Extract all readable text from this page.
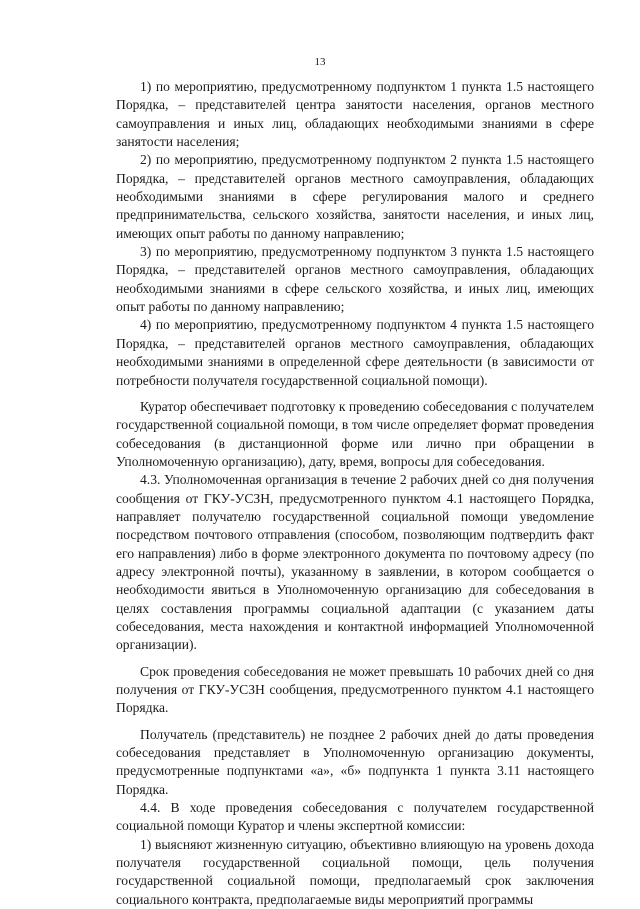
13

1) по мероприятию, предусмотренному подпунктом 1 пункта 1.5 настоящего Порядка, – представителей центра занятости населения, органов местного самоуправления и иных лиц, обладающих необходимыми знаниями в сфере занятости населения;

2) по мероприятию, предусмотренному подпунктом 2 пункта 1.5 настоящего Порядка, – представителей органов местного самоуправления, обладающих необходимыми знаниями в сфере регулирования малого и среднего предпринимательства, сельского хозяйства, занятости населения, и иных лиц, имеющих опыт работы по данному направлению;

3) по мероприятию, предусмотренному подпунктом 3 пункта 1.5 настоящего Порядка, – представителей органов местного самоуправления, обладающих необходимыми знаниями в сфере сельского хозяйства, и иных лиц, имеющих опыт работы по данному направлению;

4) по мероприятию, предусмотренному подпунктом 4 пункта 1.5 настоящего Порядка, – представителей органов местного самоуправления, обладающих необходимыми знаниями в определенной сфере деятельности (в зависимости от потребности получателя государственной социальной помощи).

Куратор обеспечивает подготовку к проведению собеседования с получателем государственной социальной помощи, в том числе определяет формат проведения собеседования (в дистанционной форме или лично при обращении в Уполномоченную организацию), дату, время, вопросы для собеседования.

4.3. Уполномоченная организация в течение 2 рабочих дней со дня получения сообщения от ГКУ-УСЗН, предусмотренного пунктом 4.1 настоящего Порядка, направляет получателю государственной социальной помощи уведомление посредством почтового отправления (способом, позволяющим подтвердить факт его направления) либо в форме электронного документа по почтовому адресу (по адресу электронной почты), указанному в заявлении, в котором сообщается о необходимости явиться в Уполномоченную организацию для собеседования в целях составления программы социальной адаптации (с указанием даты собеседования, места нахождения и контактной информацией Уполномоченной организации).

Срок проведения собеседования не может превышать 10 рабочих дней со дня получения от ГКУ-УСЗН сообщения, предусмотренного пунктом 4.1 настоящего Порядка.

Получатель (представитель) не позднее 2 рабочих дней до даты проведения собеседования представляет в Уполномоченную организацию документы, предусмотренные подпунктами «а», «б» подпункта 1 пункта 3.11 настоящего Порядка.

4.4. В ходе проведения собеседования с получателем государственной социальной помощи Куратор и члены экспертной комиссии:

1) выясняют жизненную ситуацию, объективно влияющую на уровень дохода получателя государственной социальной помощи, цель получения государственной социальной помощи, предполагаемый срок заключения социального контракта, предполагаемые виды мероприятий программы
